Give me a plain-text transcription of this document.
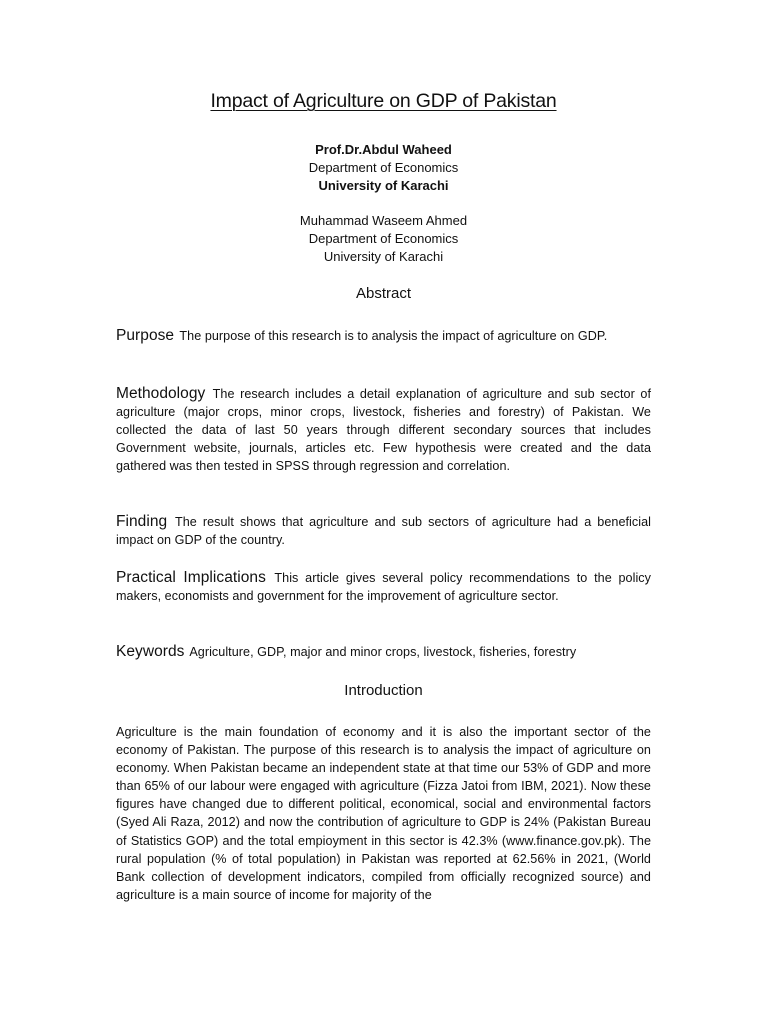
Impact of Agriculture on GDP of Pakistan
Prof.Dr.Abdul Waheed
Department of Economics
University of Karachi
Muhammad Waseem Ahmed
Department of Economics
University of Karachi
Abstract
Purpose The purpose of this research is to analysis the impact of agriculture on GDP.
Methodology The research includes a detail explanation of agriculture and sub sector of agriculture (major crops, minor crops, livestock, fisheries and forestry) of Pakistan. We collected the data of last 50 years through different secondary sources that includes Government website, journals, articles etc. Few hypothesis were created and the data gathered was then tested in SPSS through regression and correlation.
Finding The result shows that agriculture and sub sectors of agriculture had a beneficial impact on GDP of the country.
Practical Implications This article gives several policy recommendations to the policy makers, economists and government for the improvement of agriculture sector.
Keywords Agriculture, GDP, major and minor crops, livestock, fisheries, forestry
Introduction
Agriculture is the main foundation of economy and it is also the important sector of the economy of Pakistan. The purpose of this research is to analysis the impact of agriculture on economy. When Pakistan became an independent state at that time our 53% of GDP and more than 65% of our labour were engaged with agriculture (Fizza Jatoi from IBM, 2021). Now these figures have changed due to different political, economical, social and environmental factors (Syed Ali Raza, 2012) and now the contribution of agriculture to GDP is 24% (Pakistan Bureau of Statistics GOP) and the total empioyment in this sector is 42.3% (www.finance.gov.pk). The rural population (% of total population) in Pakistan was reported at 62.56% in 2021, (World Bank collection of development indicators, compiled from officially recognized source) and agriculture is a main source of income for majority of the
